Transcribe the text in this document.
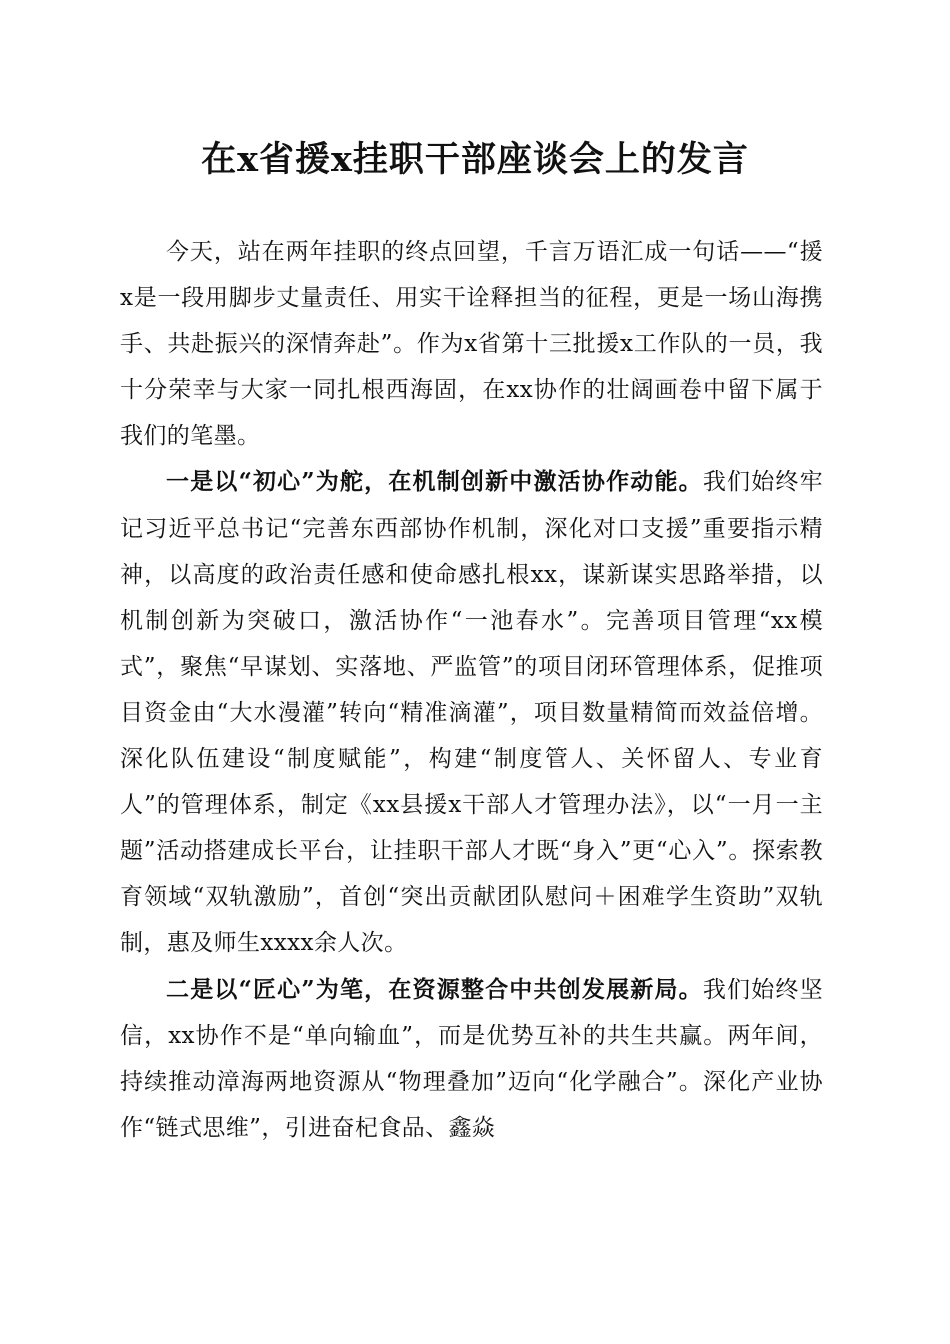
在x省援x挂职干部座谈会上的发言

今天，站在两年挂职的终点回望，千言万语汇成一句话——“援x是一段用脚步丈量责任、用实干诠释担当的征程，更是一场山海携手、共赴振兴的深情奔赴”。作为x省第十三批援x工作队的一员，我十分荣幸与大家一同扎根西海固，在xx协作的壮阔画卷中留下属于我们的笔墨。

一是以“初心”为舵，在机制创新中激活协作动能。我们始终牢记习近平总书记“完善东西部协作机制，深化对口支援”重要指示精神，以高度的政治责任感和使命感扎根xx，谋新谋实思路举措，以机制创新为突破口，激活协作“一池春水”。完善项目管理“xx模式”，聚焦“早谋划、实落地、严监管”的项目闭环管理体系，促推项目资金由“大水漫灌”转向“精准滴灌”，项目数量精简而效益倍增。深化队伍建设“制度赋能”，构建“制度管人、关怀留人、专业育人”的管理体系，制定《xx县援x干部人才管理办法》，以“一月一主题”活动搭建成长平台，让挂职干部人才既“身入”更“心入”。探索教育领域“双轨激励”，首创“突出贡献团队慰问＋困难学生资助”双轨制，惠及师生xxxx余人次。

二是以“匠心”为笔，在资源整合中共创发展新局。我们始终坚信，xx协作不是“单向输血”，而是优势互补的共生共赢。两年间，持续推动漳海两地资源从“物理叠加”迈向“化学融合”。深化产业协作“链式思维”，引进奋杞食品、鑫焱
